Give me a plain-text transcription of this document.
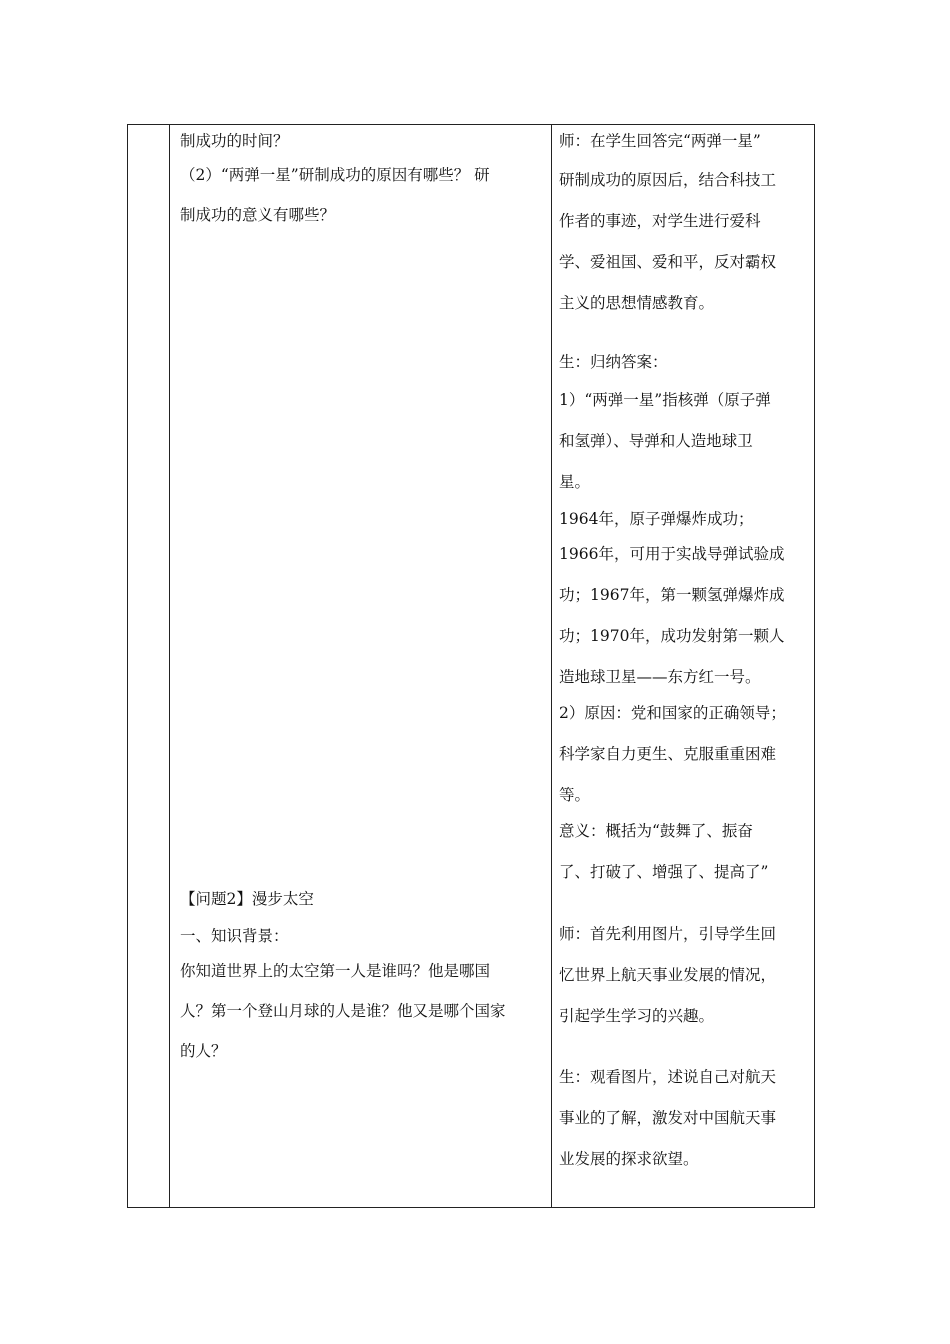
制成功的时间？
（2）“两弹一星”研制成功的原因有哪些？ 研
制成功的意义有哪些？
【问题2】漫步太空
一、知识背景：
你知道世界上的太空第一人是谁吗？他是哪国
人？第一个登山月球的人是谁？他又是哪个国家
的人？
师：在学生回答完“两弹一星”
研制成功的原因后，结合科技工
作者的事迹，对学生进行爱科
学、爱祖国、爱和平，反对霸权
主义的思想情感教育。
生：归纳答案：
1）“两弹一星”指核弹（原子弹
和氢弹）、导弹和人造地球卫
星。
1964年，原子弹爆炸成功；
1966年，可用于实战导弹试验成
功；1967年，第一颗氢弹爆炸成
功；1970年，成功发射第一颗人
造地球卫星——东方红一号。
2）原因：党和国家的正确领导；
科学家自力更生、克服重重困难
等。
意义：概括为“鼓舞了、振奋
了、打破了、增强了、提高了”
师：首先利用图片，引导学生回
忆世界上航天事业发展的情况，
引起学生学习的兴趣。
生：观看图片，述说自己对航天
事业的了解，激发对中国航天事
业发展的探求欲望。
